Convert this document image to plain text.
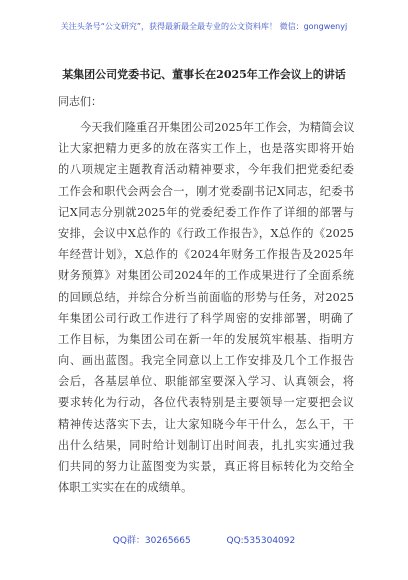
关注头条号“公文研究”，获得最新最全最专业的公文资料库！ 微信：gongwenyj
某集团公司党委书记、董事长在2025年工作会议上的讲话
同志们：
今天我们隆重召开集团公司2025年工作会，为精简会议
让大家把精力更多的放在落实工作上，也是落实即将开始
的八项规定主题教育活动精神要求，今年我们把党委纪委
工作会和职代会两会合一，刚才党委副书记X同志，纪委书
记X同志分别就2025年的党委纪委工作作了详细的部署与
安排，会议中X总作的《行政工作报告》，X总作的《2025
年经营计划》，X总作的《2024年财务工作报告及2025年
财务预算》对集团公司2024年的工作成果进行了全面系统
的回顾总结，并综合分析当前面临的形势与任务，对2025
年集团公司行政工作进行了科学周密的安排部署，明确了
工作目标，为集团公司在新一年的发展筑牢根基、指明方
向、画出蓝图。我完全同意以上工作安排及几个工作报告
会后，各基层单位、职能部室要深入学习、认真领会，将
要求转化为行动，各位代表特别是主要领导一定要把会议
精神传达落实下去，让大家知晓今年干什么，怎么干，干
出什么结果，同时给计划制订出时间表，扎扎实实通过我
们共同的努力让蓝图变为实景，真正将目标转化为交给全
体职工实实在在的成绩单。
QQ群：30265665	QQ:535304092
